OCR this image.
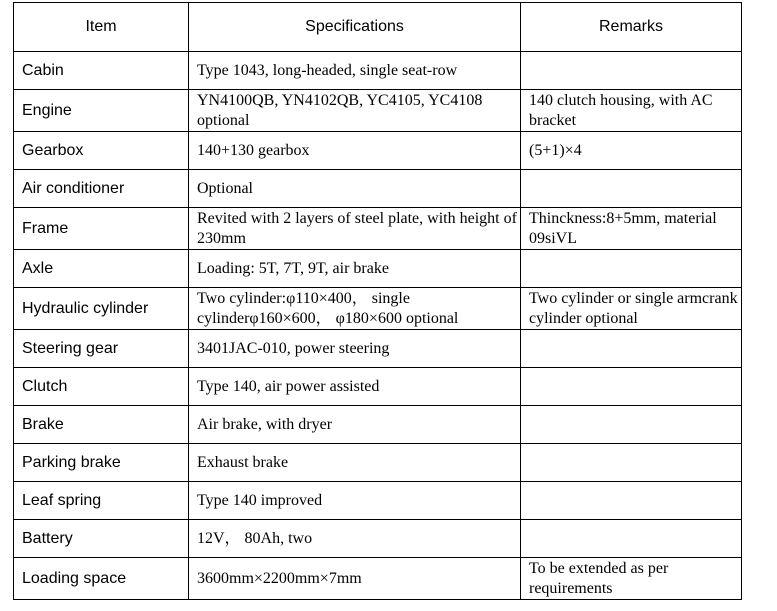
Item	Specifications	Remarks
Cabin	Type 1043, long-headed, single seat-row	
Engine	YN4100QB, YN4102QB, YC4105, YC4108 optional	140 clutch housing, with AC bracket
Gearbox	140+130 gearbox	(5+1)×4
Air conditioner	Optional	
Frame	Revited with 2 layers of steel plate, with height of 230mm	Thinckness:8+5mm, material 09siVL
Axle	Loading: 5T, 7T, 9T, air brake	
Hydraulic cylinder	Two cylinder:φ110×400， single cylinderφ160×600， φ180×600 optional	Two cylinder or single armcrank cylinder optional
Steering gear	3401JAC-010, power steering	
Clutch	Type 140, air power assisted	
Brake	Air brake, with dryer	
Parking brake	Exhaust brake	
Leaf spring	Type 140 improved	
Battery	12V， 80Ah, two	
Loading space	3600mm×2200mm×7mm	To be extended as per requirements
